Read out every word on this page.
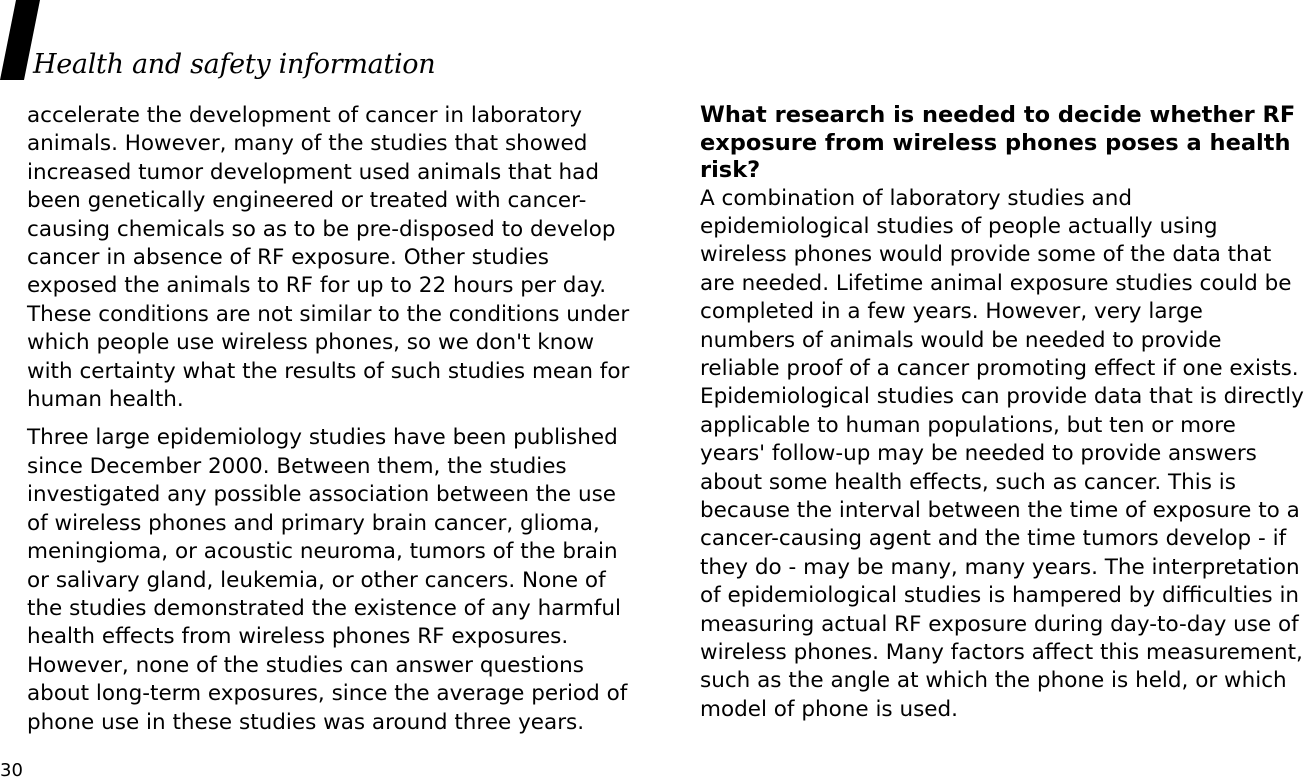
Health and safety information

accelerate the development of cancer in laboratory animals. However, many of the studies that showed increased tumor development used animals that had been genetically engineered or treated with cancer-causing chemicals so as to be pre-disposed to develop cancer in absence of RF exposure. Other studies exposed the animals to RF for up to 22 hours per day. These conditions are not similar to the conditions under which people use wireless phones, so we don't know with certainty what the results of such studies mean for human health.

Three large epidemiology studies have been published since December 2000. Between them, the studies investigated any possible association between the use of wireless phones and primary brain cancer, glioma, meningioma, or acoustic neuroma, tumors of the brain or salivary gland, leukemia, or other cancers. None of the studies demonstrated the existence of any harmful health effects from wireless phones RF exposures. However, none of the studies can answer questions about long-term exposures, since the average period of phone use in these studies was around three years.

What research is needed to decide whether RF exposure from wireless phones poses a health risk?

A combination of laboratory studies and epidemiological studies of people actually using wireless phones would provide some of the data that are needed. Lifetime animal exposure studies could be completed in a few years. However, very large numbers of animals would be needed to provide reliable proof of a cancer promoting effect if one exists. Epidemiological studies can provide data that is directly applicable to human populations, but ten or more years' follow-up may be needed to provide answers about some health effects, such as cancer. This is because the interval between the time of exposure to a cancer-causing agent and the time tumors develop - if they do - may be many, many years. The interpretation of epidemiological studies is hampered by difficulties in measuring actual RF exposure during day-to-day use of wireless phones. Many factors affect this measurement, such as the angle at which the phone is held, or which model of phone is used.

30
